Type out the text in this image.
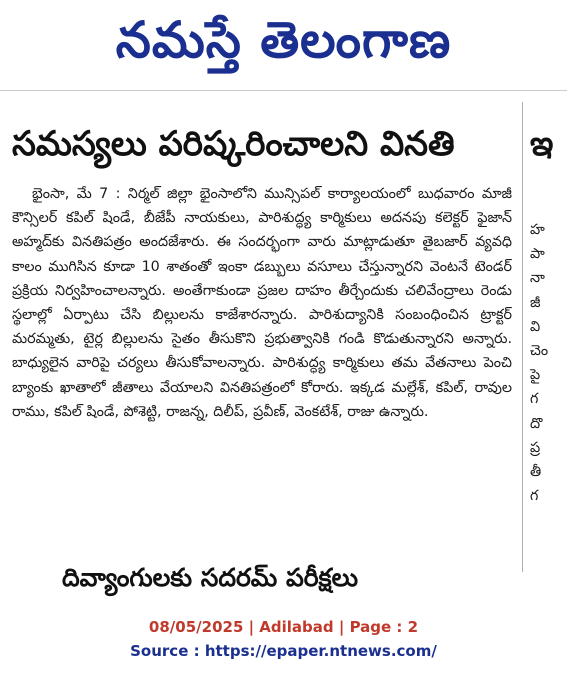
నమస్తే తెలంగాణ
సమస్యలు పరిష్కరించాలని వినతి

భైంసా, మే 7 : నిర్మల్‌ జిల్లా భైంసాలోని మున్సిపల్‌ కార్యాలయంలో బుధవారం మాజీ కౌన్సిలర్‌ కపిల్‌ షిండే, బీజేపీ నాయకులు, పారిశుద్ధ్య కార్మికులు అదనపు కలెక్టర్‌ ఫైజాన్‌ అహ్మద్‌కు వినతిపత్రం అందజేశారు. ఈ సందర్భంగా వారు మాట్లాడుతూ తైబజార్‌ వ్యవధి కాలం ముగిసిన కూడా 10 శాతంతో ఇంకా డబ్బులు వసూలు చేస్తున్నారని వెంటనే టెండర్‌ ప్రక్రియ నిర్వహించాలన్నారు. అంతేగాకుండా ప్రజల దాహం తీర్చేందుకు చలివేంద్రాలు రెండు స్థలాల్లో ఏర్పాటు చేసి బిల్లులను కాజేశారన్నారు. పారిశుద్యానికి సంబంధించిన ట్రాక్టర్‌ మరమ్మతు, టైర్ల బిల్లులను సైతం తీసుకొని ప్రభుత్వానికి గండి కొడుతున్నారని అన్నారు. బాధ్యులైన వారిపై చర్యలు తీసుకోవాలన్నారు. పారిశుద్ధ్య కార్మికులు తమ వేతనాలు పెంచి బ్యాంకు ఖాతాలో జీతాలు వేయాలని వినతిపత్రంలో కోరారు. ఇక్కడ మల్లేశ్‌, కపిల్‌, రావుల రాము, కపిల్‌ షిండే, పోశెట్టి, రాజన్న, దిలీప్‌, ప్రవీణ్‌, వెంకటేశ్‌, రాజు ఉన్నారు.

దివ్యాంగులకు సదరమ్‌ పరీక్షలు
ఇ
హ
పా
నా
జీ
వి
చెం
పై
గ
దొ
ప్ర
తీ
గ
08/05/2025 | Adilabad | Page : 2
Source : https://epaper.ntnews.com/
